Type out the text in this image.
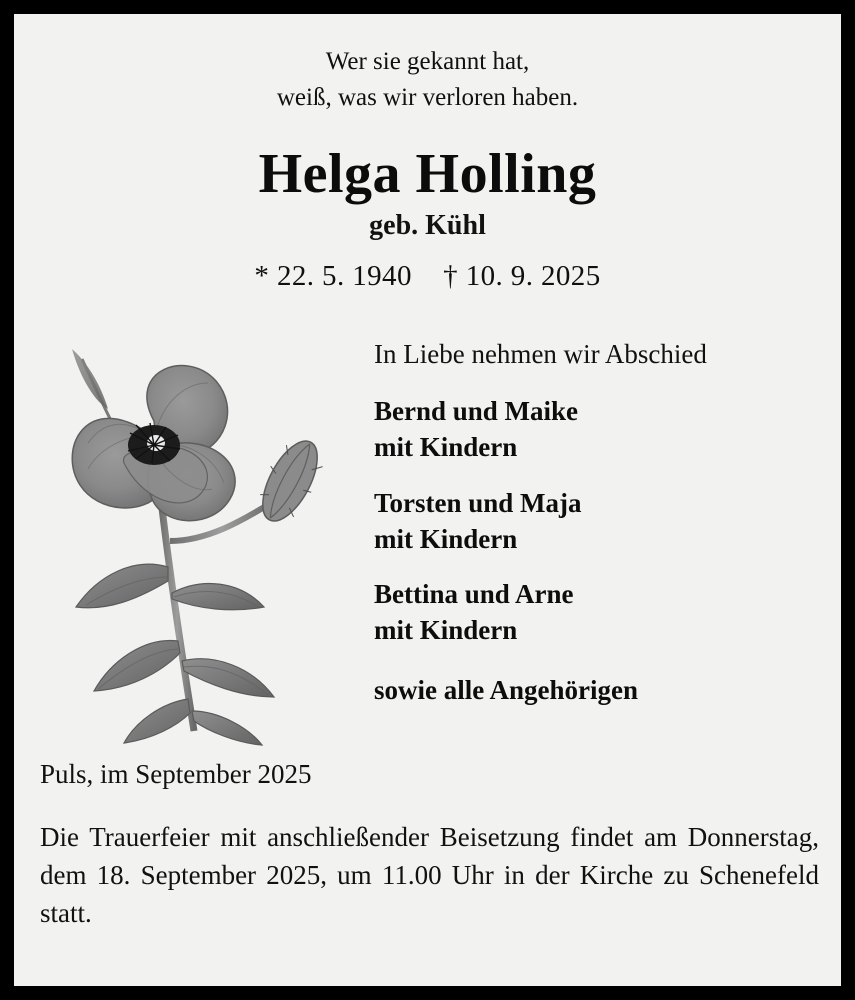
Wer sie gekannt hat,
weiß, was wir verloren haben.
Helga Holling
geb. Kühl
* 22. 5. 1940 † 10. 9. 2025
In Liebe nehmen wir Abschied
Bernd und Maike
mit Kindern
Torsten und Maja
mit Kindern
Bettina und Arne
mit Kindern
sowie alle Angehörigen
Puls, im September 2025
Die Trauerfeier mit anschließender Beisetzung findet am Donnerstag, dem 18. September 2025, um 11.00 Uhr in der Kirche zu Schenefeld statt.
